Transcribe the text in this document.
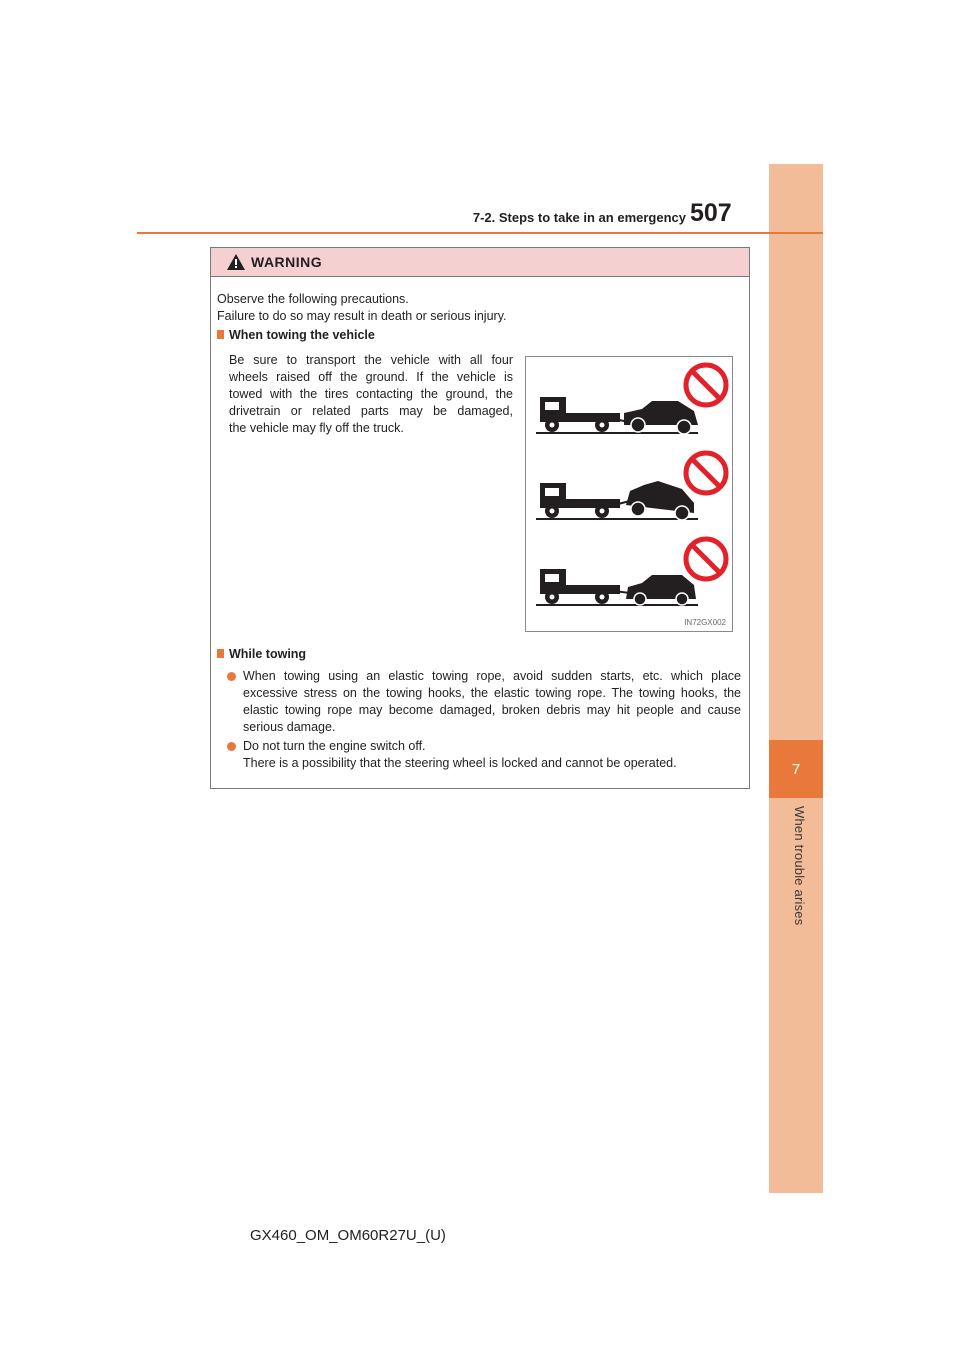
7
When trouble arises
7-2. Steps to take in an emergency 507
WARNING
Observe the following precautions.
Failure to do so may result in death or serious injury.
When towing the vehicle
Be sure to transport the vehicle with all four
wheels raised off the ground. If the vehicle is
towed with the tires contacting the ground, the
drivetrain or related parts may be damaged,
the vehicle may fly off the truck.
IN72GX002
While towing
When towing using an elastic towing rope, avoid sudden starts, etc. which place
excessive stress on the towing hooks, the elastic towing rope. The towing hooks, the
elastic towing rope may become damaged, broken debris may hit people and cause
serious damage.
Do not turn the engine switch off.
There is a possibility that the steering wheel is locked and cannot be operated.
GX460_OM_OM60R27U_(U)
